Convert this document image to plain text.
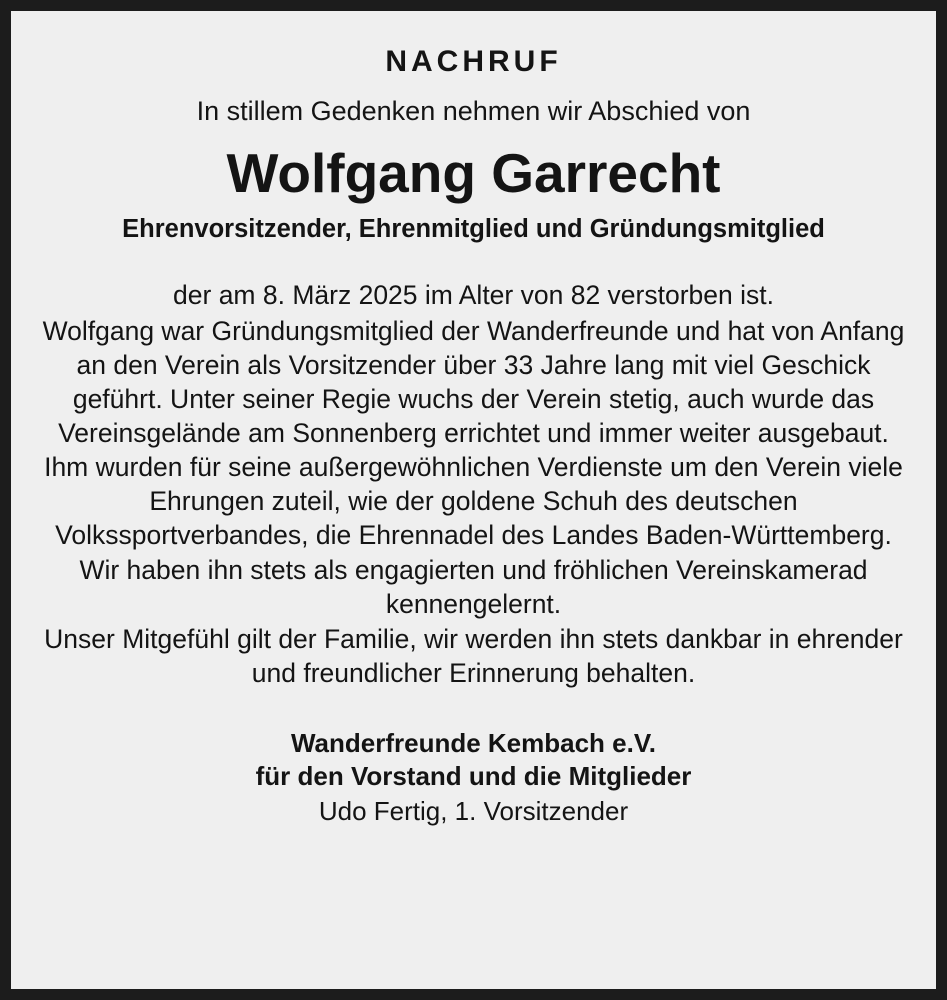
NACHRUF
In stillem Gedenken nehmen wir Abschied von
Wolfgang Garrecht
Ehrenvorsitzender, Ehrenmitglied und Gründungsmitglied

der am 8. März 2025 im Alter von 82 verstorben ist.

Wolfgang war Gründungsmitglied der Wanderfreunde und hat von Anfang an den Verein als Vorsitzender über 33 Jahre lang mit viel Geschick geführt. Unter seiner Regie wuchs der Verein stetig, auch wurde das Vereinsgelände am Sonnenberg errichtet und immer weiter ausgebaut. Ihm wurden für seine außergewöhnlichen Verdienste um den Verein viele Ehrungen zuteil, wie der goldene Schuh des deutschen Volkssportverbandes, die Ehrennadel des Landes Baden-Württemberg.

Wir haben ihn stets als engagierten und fröhlichen Vereinskamerad kennengelernt.

Unser Mitgefühl gilt der Familie, wir werden ihn stets dankbar in ehrender und freundlicher Erinnerung behalten.

Wanderfreunde Kembach e.V.
für den Vorstand und die Mitglieder
Udo Fertig, 1. Vorsitzender
